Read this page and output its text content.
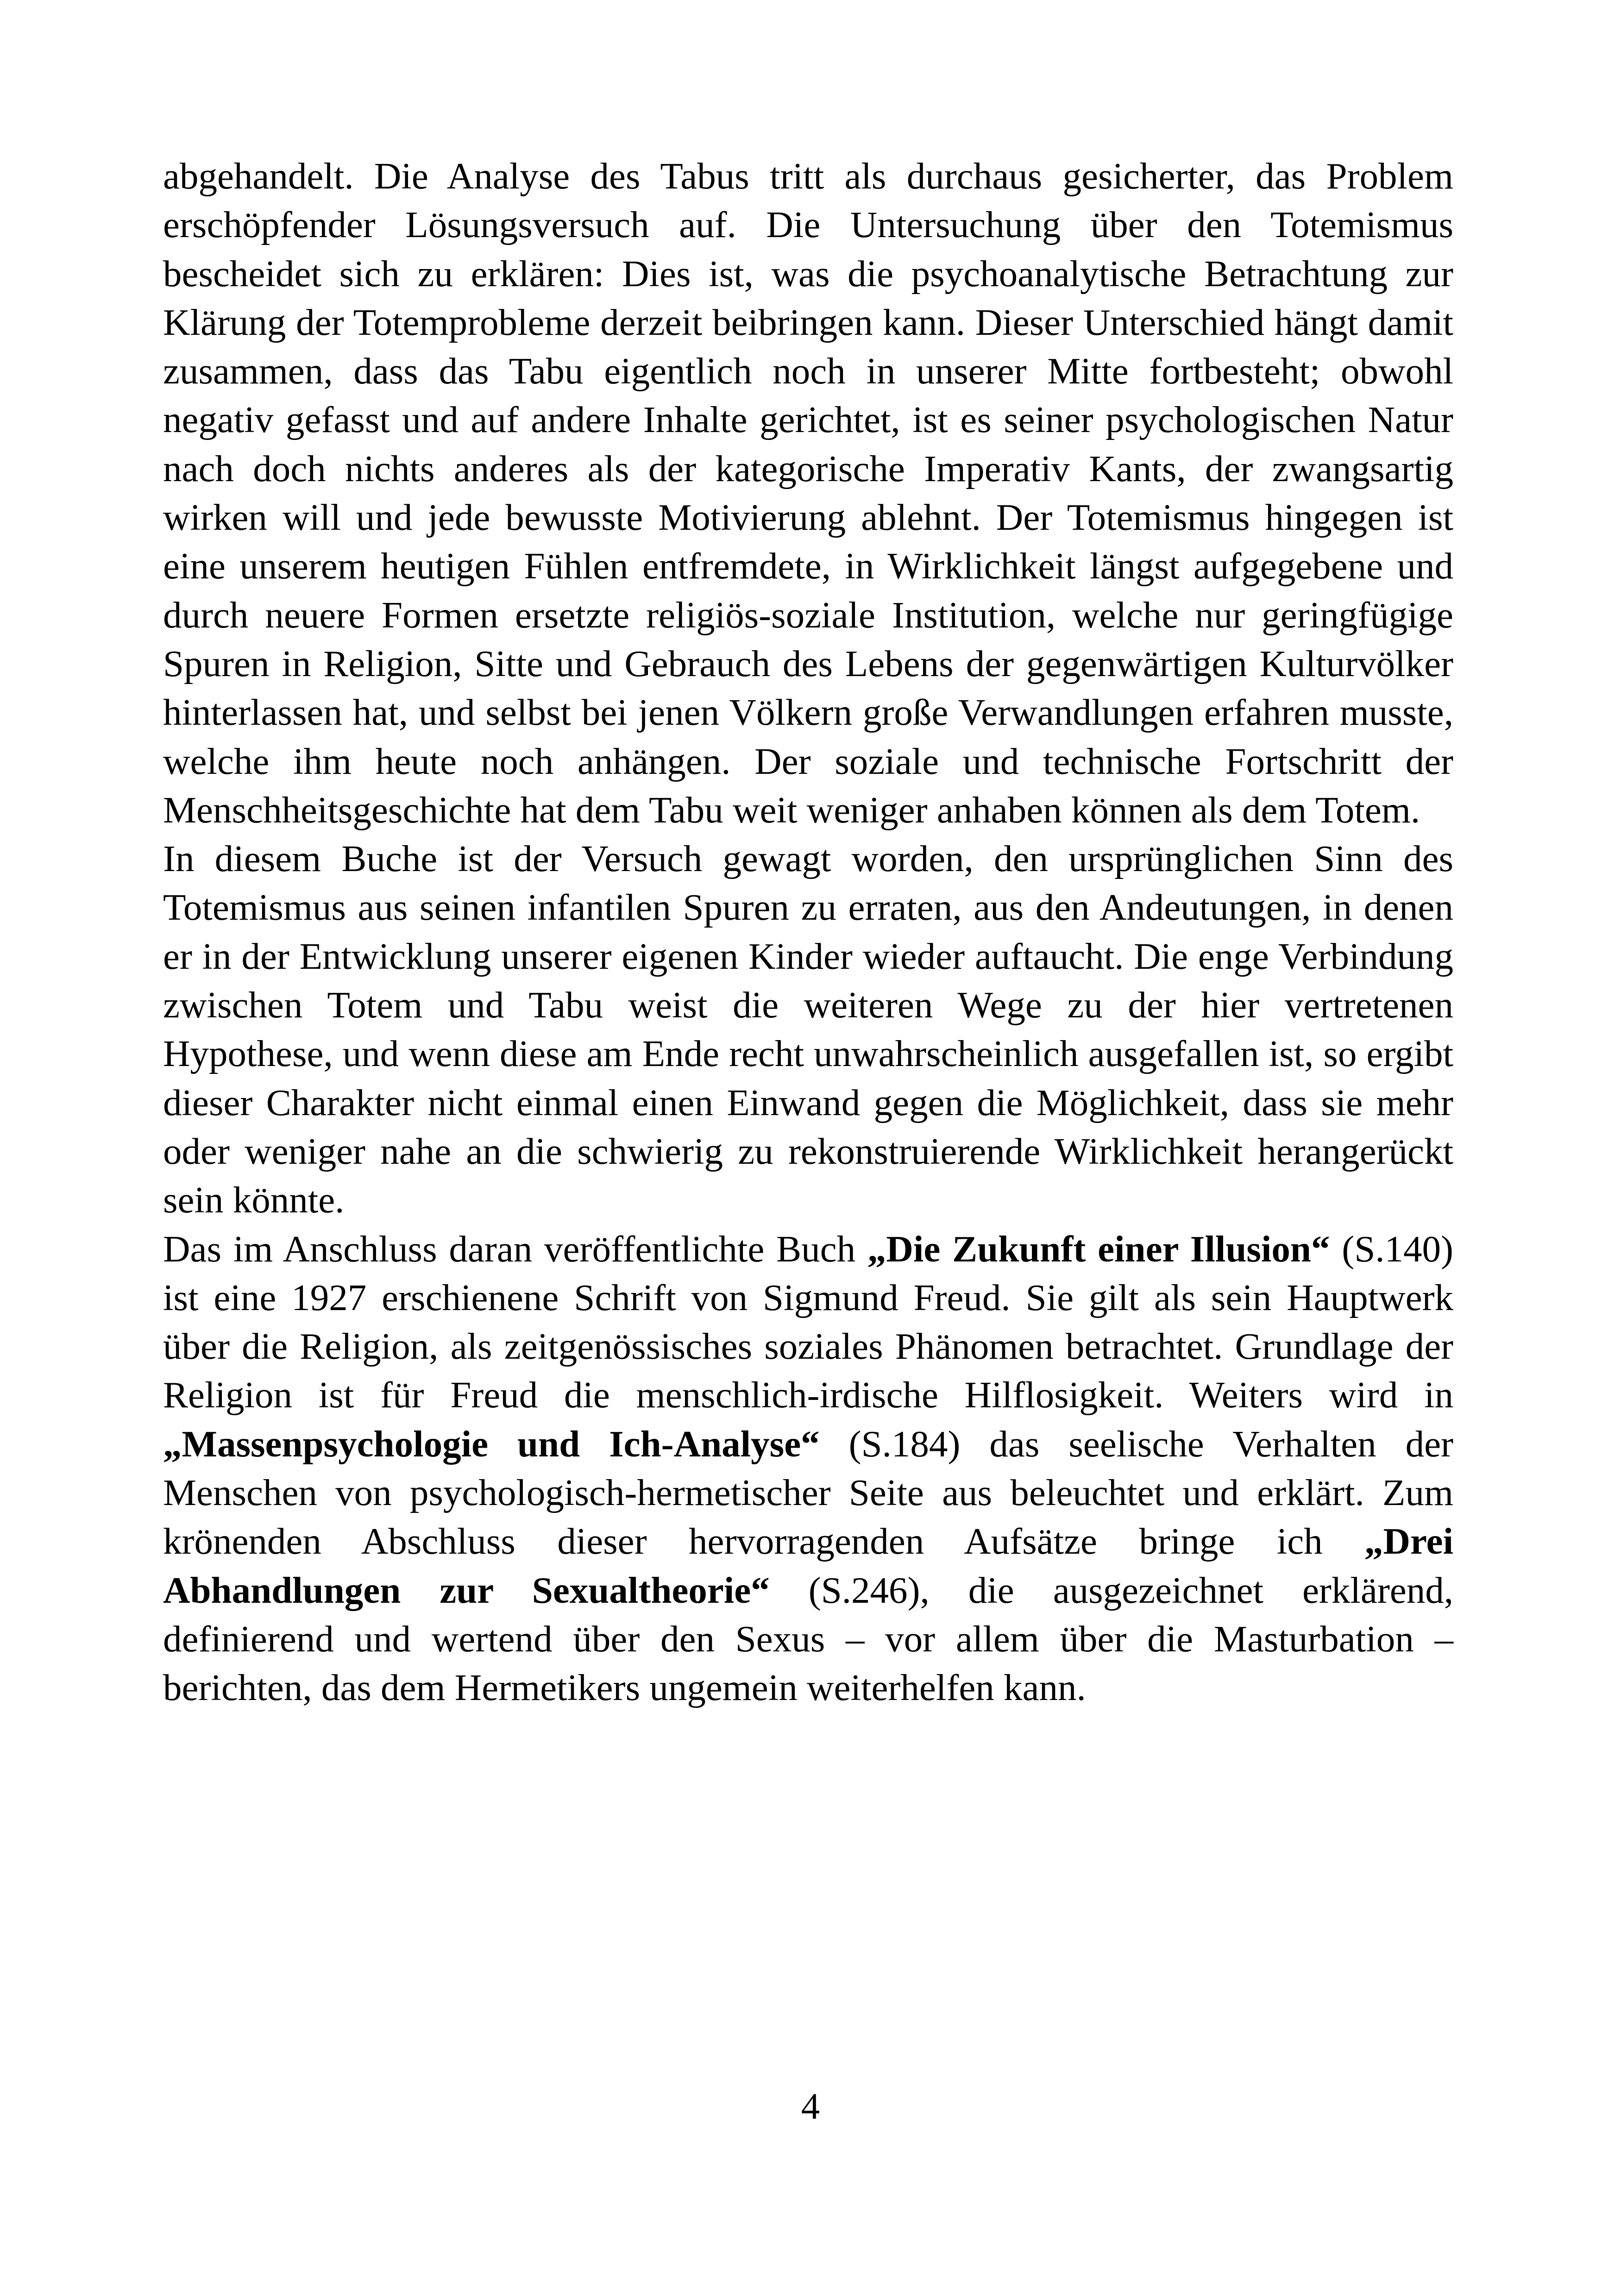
abgehandelt. Die Analyse des Tabus tritt als durchaus gesicherter, das Problem erschöpfender Lösungsversuch auf. Die Untersuchung über den Totemismus bescheidet sich zu erklären: Dies ist, was die psychoanalytische Betrachtung zur Klärung der Totemprobleme derzeit beibringen kann. Dieser Unterschied hängt damit zusammen, dass das Tabu eigentlich noch in unserer Mitte fortbesteht; obwohl negativ gefasst und auf andere Inhalte gerichtet, ist es seiner psychologischen Natur nach doch nichts anderes als der kategorische Imperativ Kants, der zwangsartig wirken will und jede bewusste Motivierung ablehnt. Der Totemismus hingegen ist eine unserem heutigen Fühlen entfremdete, in Wirklichkeit längst aufgegebene und durch neuere Formen ersetzte religiös-soziale Institution, welche nur geringfügige Spuren in Religion, Sitte und Gebrauch des Lebens der gegenwärtigen Kulturvölker hinterlassen hat, und selbst bei jenen Völkern große Verwandlungen erfahren musste, welche ihm heute noch anhängen. Der soziale und technische Fortschritt der Menschheitsgeschichte hat dem Tabu weit weniger anhaben können als dem Totem.

In diesem Buche ist der Versuch gewagt worden, den ursprünglichen Sinn des Totemismus aus seinen infantilen Spuren zu erraten, aus den Andeutungen, in denen er in der Entwicklung unserer eigenen Kinder wieder auftaucht. Die enge Verbindung zwischen Totem und Tabu weist die weiteren Wege zu der hier vertretenen Hypothese, und wenn diese am Ende recht unwahrscheinlich ausgefallen ist, so ergibt dieser Charakter nicht einmal einen Einwand gegen die Möglichkeit, dass sie mehr oder weniger nahe an die schwierig zu rekonstruierende Wirklichkeit herangerückt sein könnte.

Das im Anschluss daran veröffentlichte Buch „Die Zukunft einer Illusion“ (S.140) ist eine 1927 erschienene Schrift von Sigmund Freud. Sie gilt als sein Hauptwerk über die Religion, als zeitgenössisches soziales Phänomen betrachtet. Grundlage der Religion ist für Freud die menschlich-irdische Hilflosigkeit. Weiters wird in „Massenpsychologie und Ich-Analyse“ (S.184) das seelische Verhalten der Menschen von psychologisch-hermetischer Seite aus beleuchtet und erklärt. Zum krönenden Abschluss dieser hervorragenden Aufsätze bringe ich „Drei Abhandlungen zur Sexualtheorie“ (S.246), die ausgezeichnet erklärend, definierend und wertend über den Sexus – vor allem über die Masturbation – berichten, das dem Hermetikers ungemein weiterhelfen kann.

4
